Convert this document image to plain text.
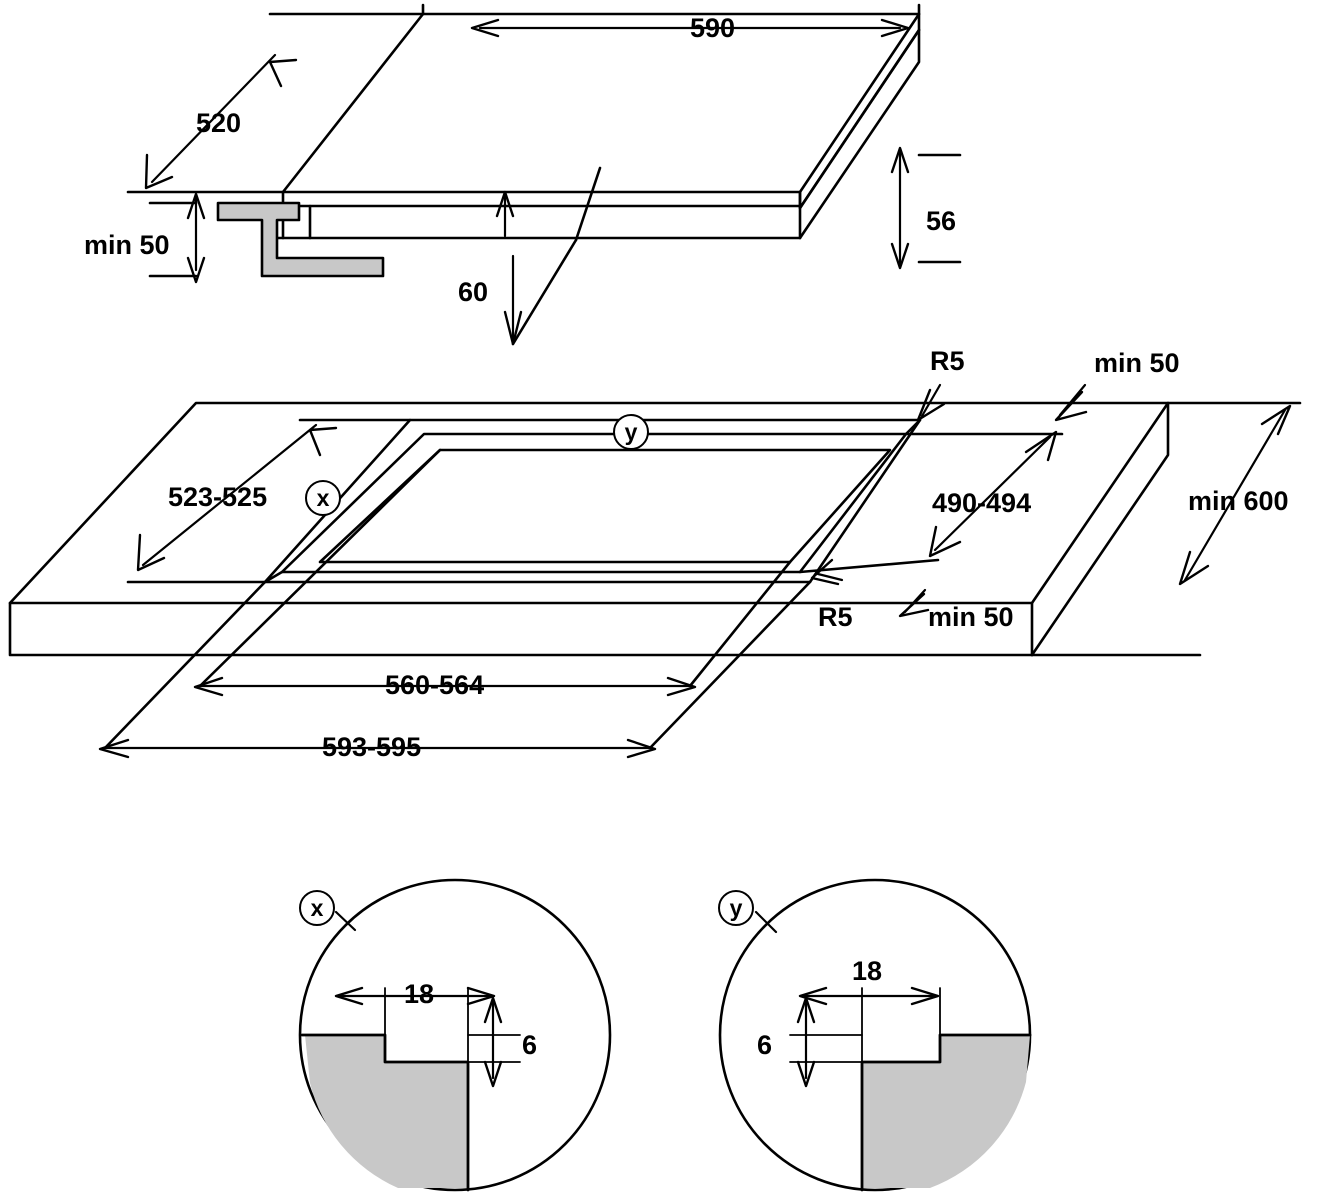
590
520
56
60
min 50
523-525	490-494
560-564
593-595
R5
R5
min 50
min 50
min 600
x
y
x
18
6
y
18
6
